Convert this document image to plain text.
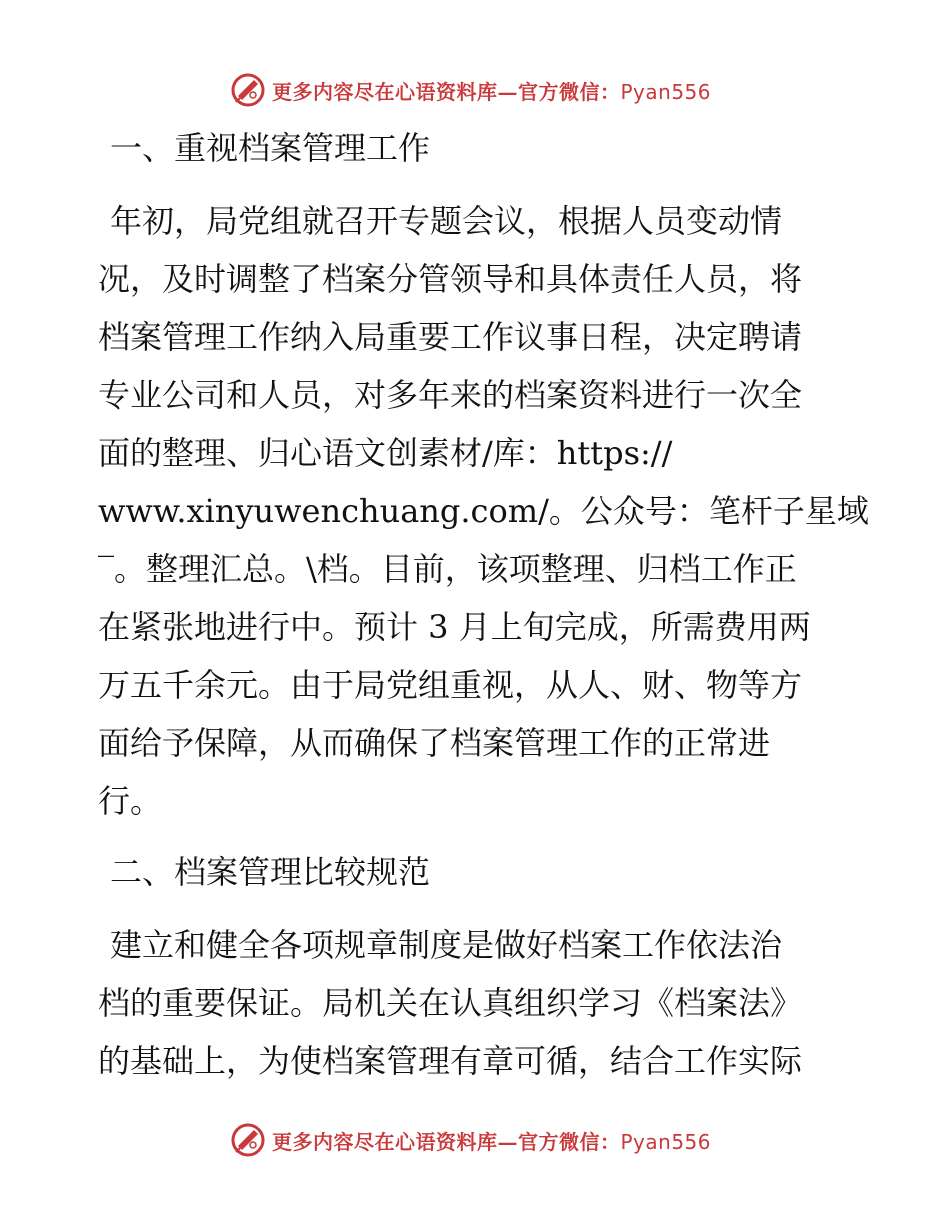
更多内容尽在心语资料库—官方微信：Pyan556
一、重视档案管理工作

年初，局党组就召开专题会议，根据人员变动情

况，及时调整了档案分管领导和具体责任人员，将

档案管理工作纳入局重要工作议事日程，决定聘请

专业公司和人员，对多年来的档案资料进行一次全

面的整理、归心语文创素材/库：https://

www.xinyuwenchuang.com/。公众号：笔杆子星域

‾。整理汇总。\档。目前，该项整理、归档工作正

在紧张地进行中。预计 3 月上旬完成，所需费用两

万五千余元。由于局党组重视，从人、财、物等方

面给予保障，从而确保了档案管理工作的正常进

行。

二、档案管理比较规范

建立和健全各项规章制度是做好档案工作依法治

档的重要保证。局机关在认真组织学习《档案法》

的基础上，为使档案管理有章可循，结合工作实际

更多内容尽在心语资料库—官方微信：Pyan556
